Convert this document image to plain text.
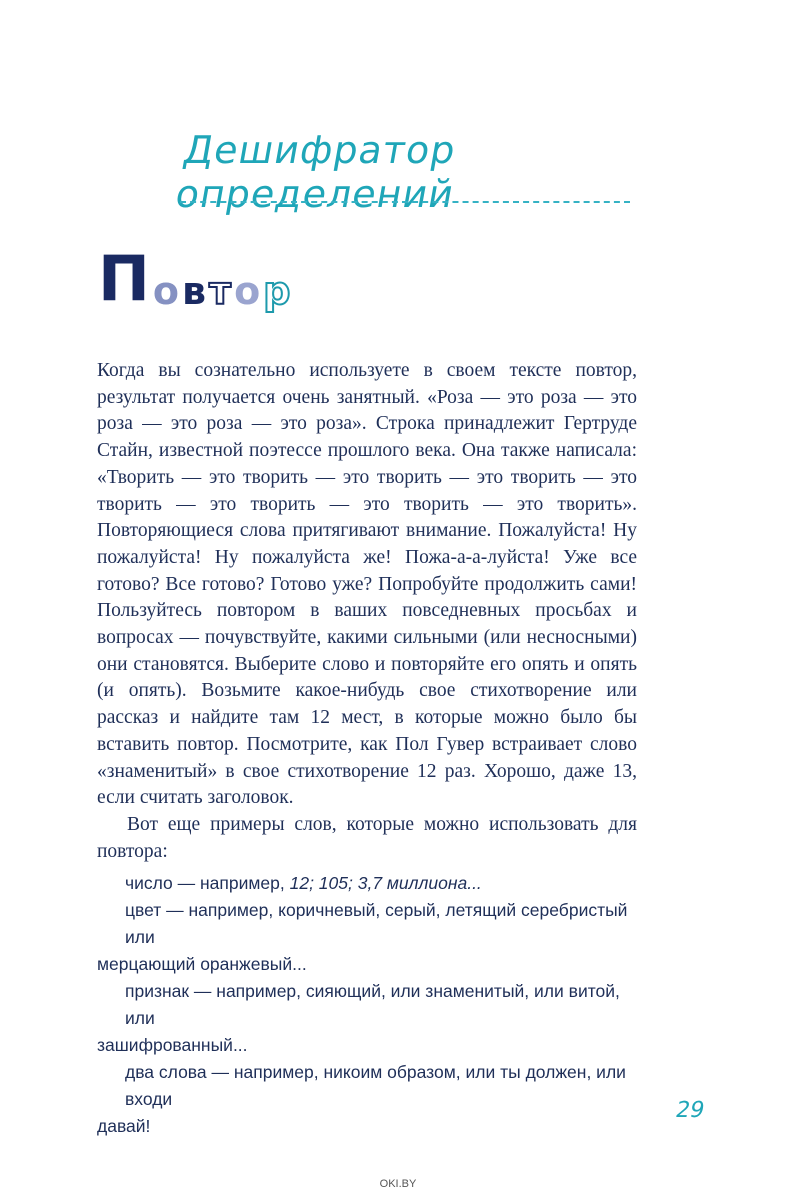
Дешифратор определений
П о в т о р

Когда вы сознательно используете в своем тексте повтор, результат получается очень занятный. «Роза — это роза — это роза — это роза — это роза». Строка принадлежит Гертруде Стайн, известной поэтессе прошлого века. Она также написала: «Творить — это творить — это творить — это творить — это творить — это творить — это творить — это творить». Повторяющиеся слова притягивают внимание. Пожалуйста! Ну пожалуйста! Ну пожалуйста же! Пожа-а-а-луйста! Уже все готово? Все готово? Готово уже? Попробуйте продолжить сами! Пользуйтесь повтором в ваших повседневных просьбах и вопросах — почувствуйте, какими сильными (или несносными) они становятся. Выберите слово и повторяйте его опять и опять (и опять). Возьмите какое-нибудь свое стихотворение или рассказ и найдите там 12 мест, в которые можно было бы вставить повтор. Посмотрите, как Пол Гувер встраивает слово «знаменитый» в свое стихотворение 12 раз. Хорошо, даже 13, если считать заголовок.

Вот еще примеры слов, которые можно использовать для повтора:

число — например, 12; 105; 3,7 миллиона...
цвет — например, коричневый, серый, летящий серебристый или
мерцающий оранжевый...
признак — например, сияющий, или знаменитый, или витой, или
зашифрованный...
два слова — например, никоим образом, или ты должен, или входи
давай!
29
OKI.BY
